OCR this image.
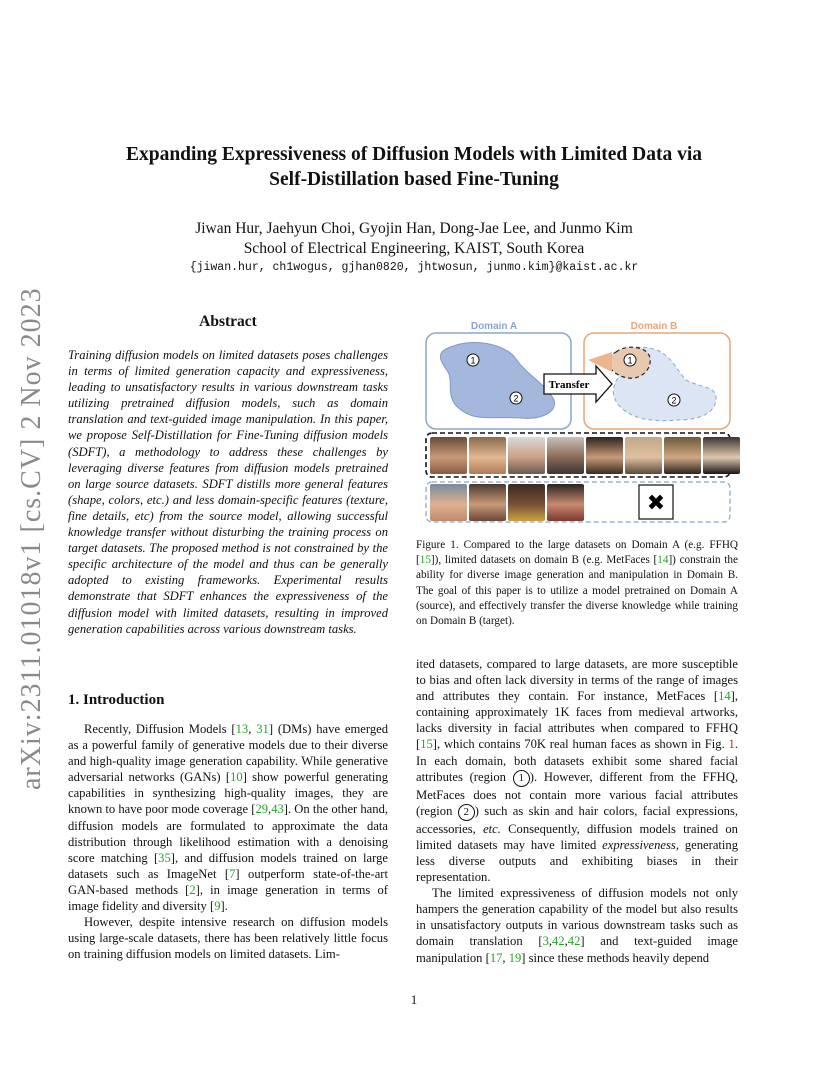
arXiv:2311.01018v1 [cs.CV] 2 Nov 2023
Expanding Expressiveness of Diffusion Models with Limited Data via
Self-Distillation based Fine-Tuning
Jiwan Hur, Jaehyun Choi, Gyojin Han, Dong-Jae Lee, and Junmo Kim
School of Electrical Engineering, KAIST, South Korea
{jiwan.hur, ch1wogus, gjhan0820, jhtwosun, junmo.kim}@kaist.ac.kr
Abstract
Training diffusion models on limited datasets poses challenges in terms of limited generation capacity and expressiveness, leading to unsatisfactory results in various downstream tasks utilizing pretrained diffusion models, such as domain translation and text-guided image manipulation. In this paper, we propose Self-Distillation for Fine-Tuning diffusion models (SDFT), a methodology to address these challenges by leveraging diverse features from diffusion models pretrained on large source datasets. SDFT distills more general features (shape, colors, etc.) and less domain-specific features (texture, fine details, etc) from the source model, allowing successful knowledge transfer without disturbing the training process on target datasets. The proposed method is not constrained by the specific architecture of the model and thus can be generally adopted to existing frameworks. Experimental results demonstrate that SDFT enhances the expressiveness of the diffusion model with limited datasets, resulting in improved generation capabilities across various downstream tasks.
1. Introduction
Recently, Diffusion Models [13, 31] (DMs) have emerged as a powerful family of generative models due to their diverse and high-quality image generation capability. While generative adversarial networks (GANs) [10] show powerful generating capabilities in synthesizing high-quality images, they are known to have poor mode coverage [29,43]. On the other hand, diffusion models are formulated to approximate the data distribution through likelihood estimation with a denoising score matching [35], and diffusion models trained on large datasets such as ImageNet [7] outperform state-of-the-art GAN-based methods [2], in image generation in terms of image fidelity and diversity [9].
However, despite intensive research on diffusion models using large-scale datasets, there has been relatively little focus on training diffusion models on limited datasets. Lim-
Domain A	Domain B
Transfer
1
2
1
2
✖
Figure 1. Compared to the large datasets on Domain A (e.g. FFHQ [15]), limited datasets on domain B (e.g. MetFaces [14]) constrain the ability for diverse image generation and manipulation in Domain B. The goal of this paper is to utilize a model pretrained on Domain A (source), and effectively transfer the diverse knowledge while training on Domain B (target).
ited datasets, compared to large datasets, are more susceptible to bias and often lack diversity in terms of the range of images and attributes they contain. For instance, MetFaces [14], containing approximately 1K faces from medieval artworks, lacks diversity in facial attributes when compared to FFHQ [15], which contains 70K real human faces as shown in Fig. 1. In each domain, both datasets exhibit some shared facial attributes (region 1 ). However, different from the FFHQ, MetFaces does not contain more various facial attributes (region 2 ) such as skin and hair colors, facial expressions, accessories, etc. Consequently, diffusion models trained on limited datasets may have limited expressiveness, generating less diverse outputs and exhibiting biases in their representation.
The limited expressiveness of diffusion models not only hampers the generation capability of the model but also results in unsatisfactory outputs in various downstream tasks such as domain translation [3,42,42] and text-guided image manipulation [17, 19] since these methods heavily depend
1
